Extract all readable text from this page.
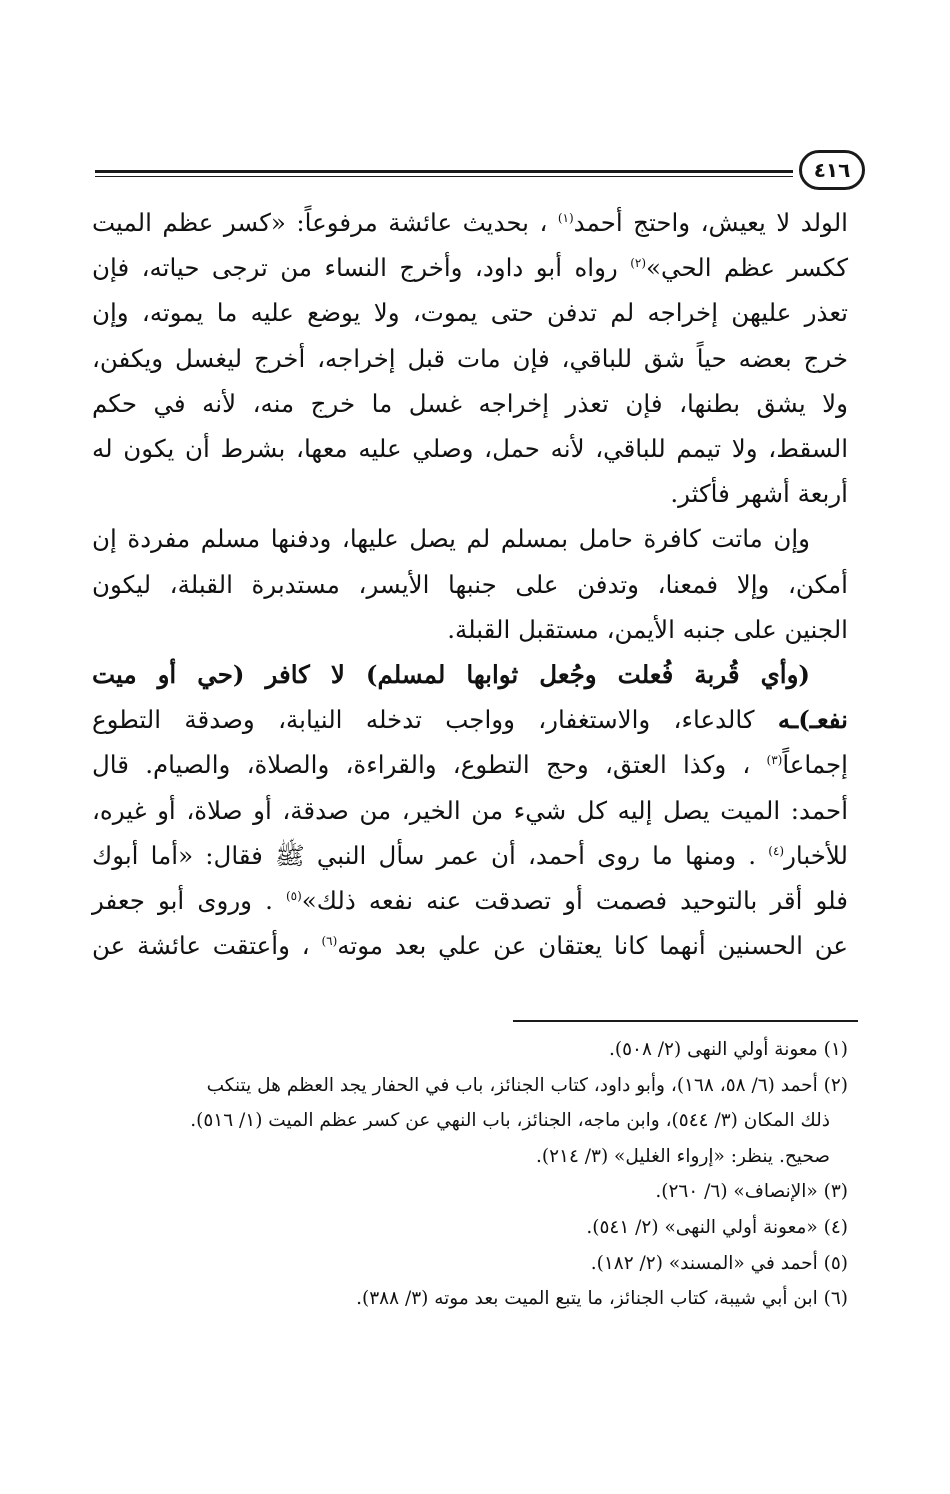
٤١٦

الولد لا يعيش، واحتج أحمد$^{(١)}$ ، بحديث عائشة مرفوعاً: «كسر عظم الميت
ككسر عظم الحي»$^{(٢)}$ رواه أبو داود، وأخرج النساء من ترجى حياته، فإن
تعذر عليهن إخراجه لم تدفن حتى يموت، ولا يوضع عليه ما يموته، وإن
خرج بعضه حياً شق للباقي، فإن مات قبل إخراجه، أخرج ليغسل ويكفن،
ولا يشق بطنها، فإن تعذر إخراجه غسل ما خرج منه، لأنه في حكم
السقط، ولا تيمم للباقي، لأنه حمل، وصلي عليه معها، بشرط أن يكون له
أربعة أشهر فأكثر.

وإن ماتت كافرة حامل بمسلم لم يصل عليها، ودفنها مسلم مفردة إن
أمكن، وإلا فمعنا، وتدفن على جنبها الأيسر، مستدبرة القبلة، ليكون
الجنين على جنبه الأيمن، مستقبل القبلة.

(وأي قُربة فُعلت وجُعل ثوابها لمسلم) لا كافر (حي أو ميت
نفعـ)ـه كالدعاء، والاستغفار، وواجب تدخله النيابة، وصدقة التطوع
إجماعاً$^{(٣)}$ ، وكذا العتق، وحج التطوع، والقراءة، والصلاة، والصيام. قال
أحمد: الميت يصل إليه كل شيء من الخير، من صدقة، أو صلاة، أو غيره،
للأخبار$^{(٤)}$ . ومنها ما روى أحمد، أن عمر سأل النبي ﷺ فقال: «أما أبوك
فلو أقر بالتوحيد فصمت أو تصدقت عنه نفعه ذلك»$^{(٥)}$ . وروى أبو جعفر
عن الحسنين أنهما كانا يعتقان عن علي بعد موته$^{(٦)}$ ، وأعتقت عائشة عن

(١) معونة أولي النهى (٢/ ٥٠٨).
(٢) أحمد (٦/ ٥٨، ١٦٨)، وأبو داود، كتاب الجنائز، باب في الحفار يجد العظم هل يتنكب
ذلك المكان (٣/ ٥٤٤)، وابن ماجه، الجنائز، باب النهي عن كسر عظم الميت (١/ ٥١٦).
صحيح. ينظر: «إرواء الغليل» (٣/ ٢١٤).
(٣) «الإنصاف» (٦/ ٢٦٠).
(٤) «معونة أولي النهى» (٢/ ٥٤١).
(٥) أحمد في «المسند» (٢/ ١٨٢).
(٦) ابن أبي شيبة، كتاب الجنائز، ما يتبع الميت بعد موته (٣/ ٣٨٨).
